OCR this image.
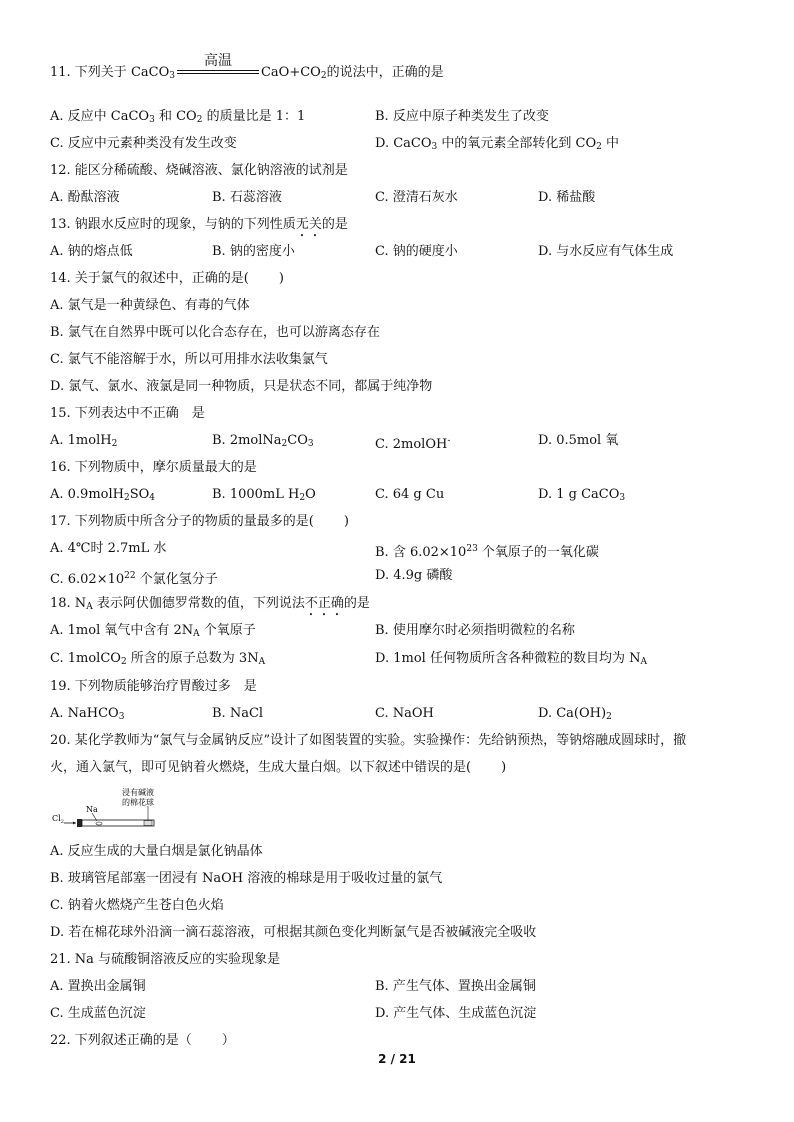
11. 下列关于 CaCO$_3$
高温
$CaO+CO_2$的说法中，正确的是
A. 反应中 CaCO$_3$ 和 $CO_2$ 的质量比是 1：1	B. 反应中原子种类发生了改变
C. 反应中元素种类没有发生改变	D. CaCO$_3$ 中的氧元素全部转化到 $CO_2$ 中
12. 能区分稀硫酸、烧碱溶液、氯化钠溶液的试剂是
A. 酚酞溶液	B. 石蕊溶液	C. 澄清石灰水	D. 稀盐酸
13. 钠跟水反应时的现象，与钠的下列性质无关的是
A. 钠的熔点低	B. 钠的密度小	C. 钠的硬度小	D. 与水反应有气体生成
14. 关于氯气的叙述中，正确的是( )
A. 氯气是一种黄绿色、有毒的气体
B. 氯气在自然界中既可以化合态存在，也可以游离态存在
C. 氯气不能溶解于水，所以可用排水法收集氯气
D. 氯气、氯水、液氯是同一种物质，只是状态不同，都属于纯净物
15. 下列表达中不正确　是
A. 1molH$_2$	B. $2molNa_2CO_3$	C. 2molOH-	D. 0.5mol 氧
16. 下列物质中，摩尔质量最大的是
A. $0.9molH_2SO_4$	B. 1000mL $H_2O$	C. 64 g Cu	D. 1 g CaCO$_3$
17. 下列物质中所含分子的物质的量最多的是( )
A. 4℃时 2.7mL 水	B. 含 $6.02\times 10^{23}$ 个氧原子的一氧化碳
C. $6.02\times 10^{22}$ 个氯化氢分子	D. 4.9g 磷酸
18. $N_A$ 表示阿伏伽德罗常数的值，下列说法不正确的是
A. 1mol 氧气中含有 $2N_A$ 个氧原子	B. 使用摩尔时必须指明微粒的名称
C. 1molCO$_2$ 所含的原子总数为 $3N_A$	D. 1mol 任何物质所含各种微粒的数目均为 $N_A$
19. 下列物质能够治疗胃酸过多　是
A. NaHCO$_3$	B. NaCl	C. NaOH	D. $Ca(OH)_2$
20. 某化学教师为“氯气与金属钠反应”设计了如图装置的实验。实验操作：先给钠预热，等钠熔融成圆球时，撤
火，通入氯气，即可见钠着火燃烧，生成大量白烟。以下叙述中错误的是( )
浸有碱液
的棉花球
Na
$Cl_2$
A. 反应生成的大量白烟是氯化钠晶体
B. 玻璃管尾部塞一团浸有 NaOH 溶液的棉球是用于吸收过量的氯气
C. 钠着火燃烧产生苍白色火焰
D. 若在棉花球外沿滴一滴石蕊溶液，可根据其颜色变化判断氯气是否被碱液完全吸收
21. Na 与硫酸铜溶液反应的实验现象是
A. 置换出金属铜	B. 产生气体、置换出金属铜
C. 生成蓝色沉淀	D. 产生气体、生成蓝色沉淀
22. 下列叙述正确的是（ ）
2 / 21
